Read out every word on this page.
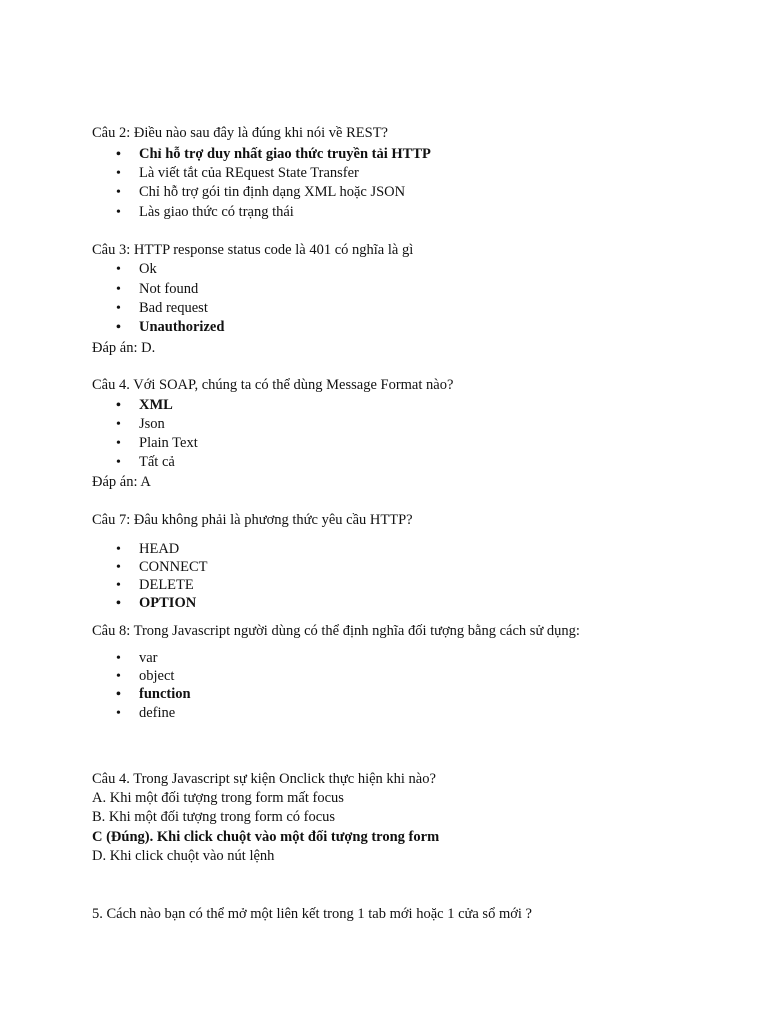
Câu 2: Điều nào sau đây là đúng khi nói về REST?
• Chỉ hỗ trợ duy nhất giao thức truyền tải HTTP
• Là viết tắt của REquest State Transfer
• Chỉ hỗ trợ gói tin định dạng XML hoặc JSON
• Làs giao thức có trạng thái
Câu 3: HTTP response status code là 401 có nghĩa là gì
• Ok
• Not found
• Bad request
• Unauthorized
Đáp án: D.
Câu 4. Với SOAP, chúng ta có thể dùng Message Format nào?
• XML
• Json
• Plain Text
• Tất cả
Đáp án: A
Câu 7: Đâu không phải là phương thức yêu cầu HTTP?
• HEAD
• CONNECT
• DELETE
• OPTION
Câu 8: Trong Javascript người dùng có thể định nghĩa đối tượng bằng cách sử dụng:
• var
• object
• function
• define
Câu 4. Trong Javascript sự kiện Onclick thực hiện khi nào?
A. Khi một đối tượng trong form mất focus
B. Khi một đối tượng trong form có focus
C (Đúng). Khi click chuột vào một đối tượng trong form
D. Khi click chuột vào nút lệnh
5. Cách nào bạn có thể mở một liên kết trong 1 tab mới hoặc 1 cửa sổ mới ?
